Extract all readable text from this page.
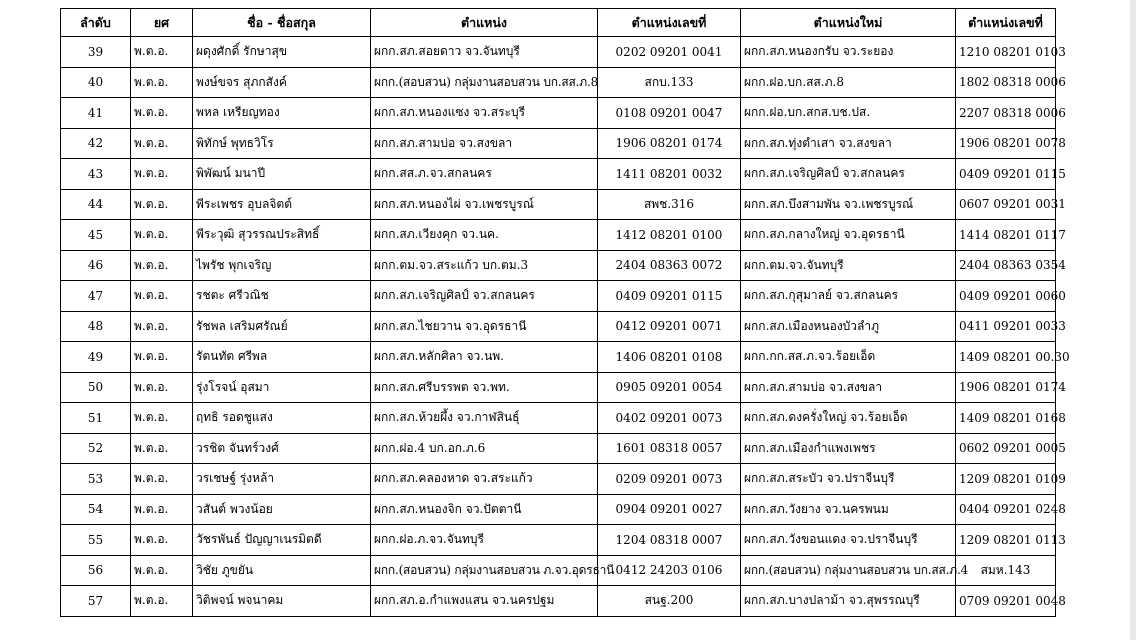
ลำดับ	ยศ	ชื่อ - ชื่อสกุล	ตำแหน่ง	ตำแหน่งเลขที่	ตำแหน่งใหม่	ตำแหน่งเลขที่
39	พ.ต.อ.	ผดุงศักดิ์ รักษาสุข	ผกก.สภ.สอยดาว จว.จันทบุรี	0202 09201 0041	ผกก.สภ.หนองกรับ จว.ระยอง	1210 08201 0103
40	พ.ต.อ.	พงษ์ขจร สุภกสังค์	ผกก.(สอบสวน) กลุ่มงานสอบสวน บก.สส.ภ.8	สกบ.133	ผกก.ฝอ.บก.สส.ภ.8	1802 08318 0006
41	พ.ต.อ.	พหล เหรียญทอง	ผกก.สภ.หนองแซง จว.สระบุรี	0108 09201 0047	ผกก.ฝอ.บก.สกส.บช.ปส.	2207 08318 0006
42	พ.ต.อ.	พิทักษ์ พุทธวิโร	ผกก.สภ.สามบ่อ จว.สงขลา	1906 08201 0174	ผกก.สภ.ทุ่งตำเสา จว.สงขลา	1906 08201 0078
43	พ.ต.อ.	พิพัฒน์ มนาปี	ผกก.สส.ภ.จว.สกลนคร	1411 08201 0032	ผกก.สภ.เจริญศิลป์ จว.สกลนคร	0409 09201 0115
44	พ.ต.อ.	พีระเพชร อุบลจิตต์	ผกก.สภ.หนองไผ่ จว.เพชรบูรณ์	สพช.316	ผกก.สภ.บึงสามพัน จว.เพชรบูรณ์	0607 09201 0031
45	พ.ต.อ.	พีระวุฒิ สุวรรณประสิทธิ์	ผกก.สภ.เวียงคุก จว.นค.	1412 08201 0100	ผกก.สภ.กลางใหญ่ จว.อุดรธานี	1414 08201 0117
46	พ.ต.อ.	ไพรัช พุกเจริญ	ผกก.ตม.จว.สระแก้ว บก.ตม.3	2404 08363 0072	ผกก.ตม.จว.จันทบุรี	2404 08363 0354
47	พ.ต.อ.	รชตะ ศรีวณิช	ผกก.สภ.เจริญศิลป์ จว.สกลนคร	0409 09201 0115	ผกก.สภ.กุสุมาลย์ จว.สกลนคร	0409 09201 0060
48	พ.ต.อ.	รัชพล เสริมศรัณย์	ผกก.สภ.ไชยวาน จว.อุดรธานี	0412 09201 0071	ผกก.สภ.เมืองหนองบัวลำภู	0411 09201 0033
49	พ.ต.อ.	รัตนทัต ศรีพล	ผกก.สภ.หลักศิลา จว.นพ.	1406 08201 0108	ผกก.กก.สส.ภ.จว.ร้อยเอ็ด	1409 08201 00.30
50	พ.ต.อ.	รุ่งโรจน์ อุสมา	ผกก.สภ.ศรีบรรพต จว.พท.	0905 09201 0054	ผกก.สภ.สามบ่อ จว.สงขลา	1906 08201 0174
51	พ.ต.อ.	ฤทธิ รอดชูแสง	ผกก.สภ.ห้วยผึ้ง จว.กาฬสินธุ์	0402 09201 0073	ผกก.สภ.ดงครั่งใหญ่ จว.ร้อยเอ็ด	1409 08201 0168
52	พ.ต.อ.	วรชิต จันทร์วงศ์	ผกก.ฝอ.4 บก.อก.ภ.6	1601 08318 0057	ผกก.สภ.เมืองกำแพงเพชร	0602 09201 0005
53	พ.ต.อ.	วรเชษฐ์ รุ่งหล้า	ผกก.สภ.คลองหาด จว.สระแก้ว	0209 09201 0073	ผกก.สภ.สระบัว จว.ปราจีนบุรี	1209 08201 0109
54	พ.ต.อ.	วสันต์ พวงน้อย	ผกก.สภ.หนองจิก จว.ปัตตานี	0904 09201 0027	ผกก.สภ.วังยาง จว.นครพนม	0404 09201 0248
55	พ.ต.อ.	วัชรพันธ์ ปัญญาเนรมิตดี	ผกก.ฝอ.ภ.จว.จันทบุรี	1204 08318 0007	ผกก.สภ.วังขอนแดง จว.ปราจีนบุรี	1209 08201 0113
56	พ.ต.อ.	วิชัย ภูขยัน	ผกก.(สอบสวน) กลุ่มงานสอบสวน ภ.จว.อุดรธานี	0412 24203 0106	ผกก.(สอบสวน) กลุ่มงานสอบสวน บก.สส.ภ.4	สมห.143
57	พ.ต.อ.	วิติพจน์ พจนาคม	ผกก.สภ.อ.กำแพงแสน จว.นครปฐม	สนฐ.200	ผกก.สภ.บางปลาม้า จว.สุพรรณบุรี	0709 09201 0048
